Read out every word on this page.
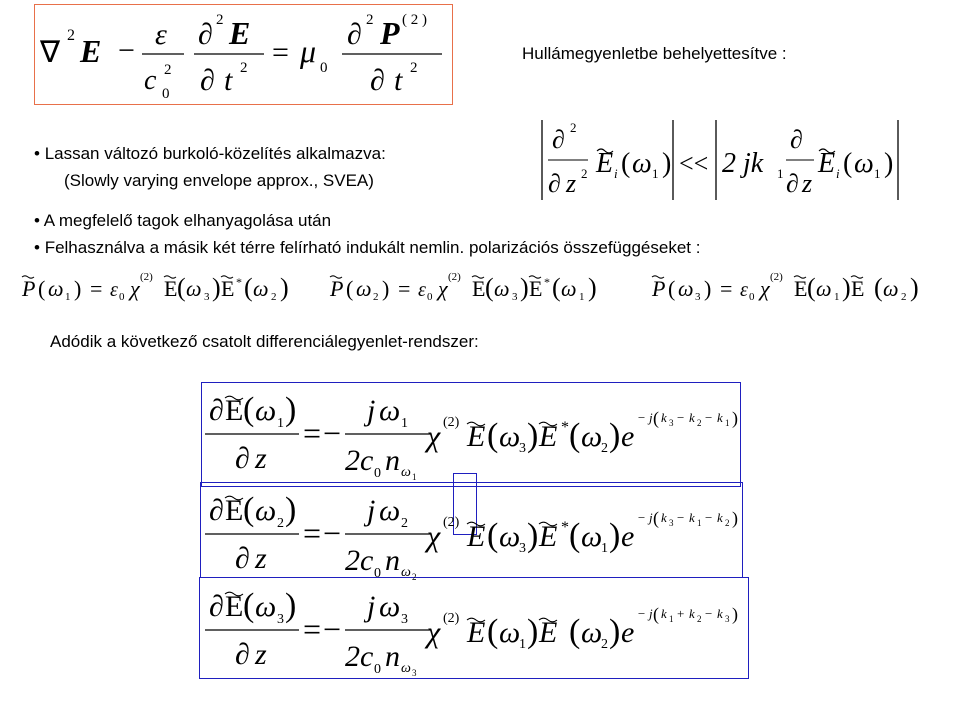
∇
2 E − ε
c 2
0
∂ 2 E
∂ t 2 = μ 0
∂ 2 P ( 2 )
∂ t 2
Hullámegyenletbe behelyettesítve :
• Lassan változó burkoló-közelítés alkalmazva:
(Slowly varying envelope approx., SVEA)
∂ 2
∂ z 2 E i ( ω 1 ) << 2 jk 1
∂
∂ z
E i ( ω 1 )
• A megfelelő tagok elhanyagolása után
• Felhasználva a másik két térre felírható indukált nemlin. polarizációs összefüggéseket :
P ( ω 1 ) = ε 0 χ (2) E ( ω 3 ) E * ( ω 2 ) P ( ω 2 ) = ε 0 χ (2) E ( ω 3 ) E * ( ω 1 )	P ( ω 3 ) = ε 0 χ (2) E ( ω 1 ) E ( ω 2 )
Adódik a következő csatolt differenciálegyenlet-rendszer:
∂ E ( ω 1 )
∂ z
= −
j ω 1
2c 0 n ω 1
χ (2) E ( ω
3 ) E * ( ω
2 ) e
− j ( k 3 − k 2 − k 1 )
∂ E ( ω 2 )
∂ z
= −
j ω 2
2c 0 n ω 2
χ (2) E ( ω
3 ) E * ( ω
1 ) e
− j ( k 3 − k 1 − k 2 )
∂ E ( ω 3 )
∂ z
= −
j ω 3
2c 0 n ω 3
χ (2) E ( ω
1 ) E ( ω
2 ) e
− j ( k 1 + k 2 − k 3 )
